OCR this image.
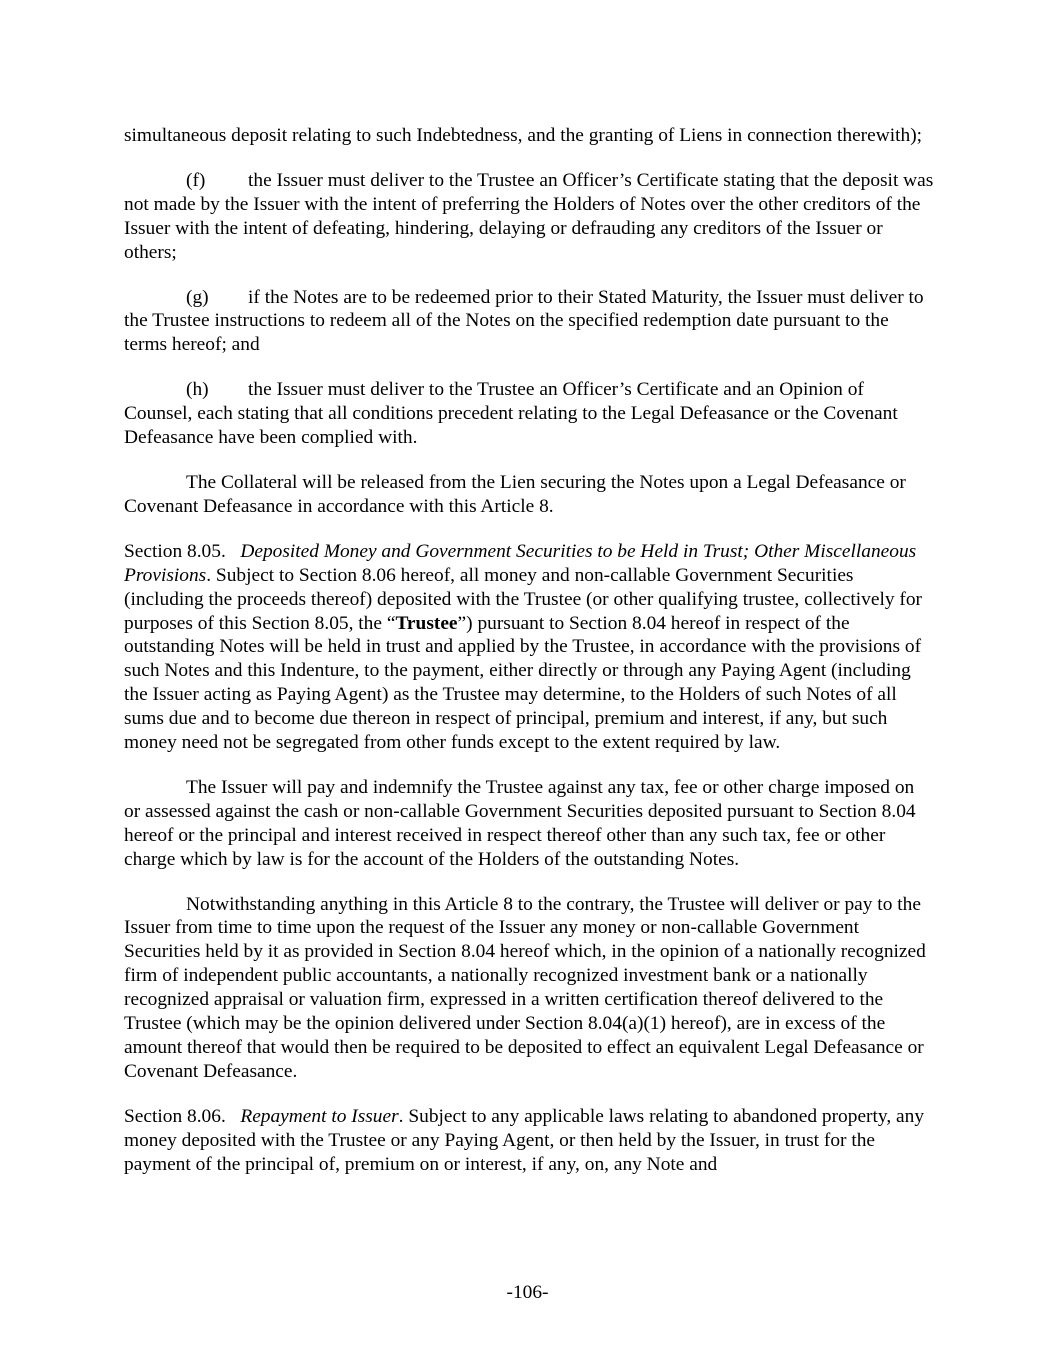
simultaneous deposit relating to such Indebtedness, and the granting of Liens in connection therewith);

(f) the Issuer must deliver to the Trustee an Officer’s Certificate stating that the deposit was not made by the Issuer with the intent of preferring the Holders of Notes over the other creditors of the Issuer with the intent of defeating, hindering, delaying or defrauding any creditors of the Issuer or others;

(g) if the Notes are to be redeemed prior to their Stated Maturity, the Issuer must deliver to the Trustee instructions to redeem all of the Notes on the specified redemption date pursuant to the terms hereof; and

(h) the Issuer must deliver to the Trustee an Officer’s Certificate and an Opinion of Counsel, each stating that all conditions precedent relating to the Legal Defeasance or the Covenant Defeasance have been complied with.

The Collateral will be released from the Lien securing the Notes upon a Legal Defeasance or Covenant Defeasance in accordance with this Article 8.

Section 8.05. Deposited Money and Government Securities to be Held in Trust; Other Miscellaneous Provisions. Subject to Section 8.06 hereof, all money and non-callable Government Securities (including the proceeds thereof) deposited with the Trustee (or other qualifying trustee, collectively for purposes of this Section 8.05, the “Trustee”) pursuant to Section 8.04 hereof in respect of the outstanding Notes will be held in trust and applied by the Trustee, in accordance with the provisions of such Notes and this Indenture, to the payment, either directly or through any Paying Agent (including the Issuer acting as Paying Agent) as the Trustee may determine, to the Holders of such Notes of all sums due and to become due thereon in respect of principal, premium and interest, if any, but such money need not be segregated from other funds except to the extent required by law.

The Issuer will pay and indemnify the Trustee against any tax, fee or other charge imposed on or assessed against the cash or non-callable Government Securities deposited pursuant to Section 8.04 hereof or the principal and interest received in respect thereof other than any such tax, fee or other charge which by law is for the account of the Holders of the outstanding Notes.

Notwithstanding anything in this Article 8 to the contrary, the Trustee will deliver or pay to the Issuer from time to time upon the request of the Issuer any money or non-callable Government Securities held by it as provided in Section 8.04 hereof which, in the opinion of a nationally recognized firm of independent public accountants, a nationally recognized investment bank or a nationally recognized appraisal or valuation firm, expressed in a written certification thereof delivered to the Trustee (which may be the opinion delivered under Section 8.04(a)(1) hereof), are in excess of the amount thereof that would then be required to be deposited to effect an equivalent Legal Defeasance or Covenant Defeasance.

Section 8.06. Repayment to Issuer. Subject to any applicable laws relating to abandoned property, any money deposited with the Trustee or any Paying Agent, or then held by the Issuer, in trust for the payment of the principal of, premium on or interest, if any, on, any Note and

-106-
